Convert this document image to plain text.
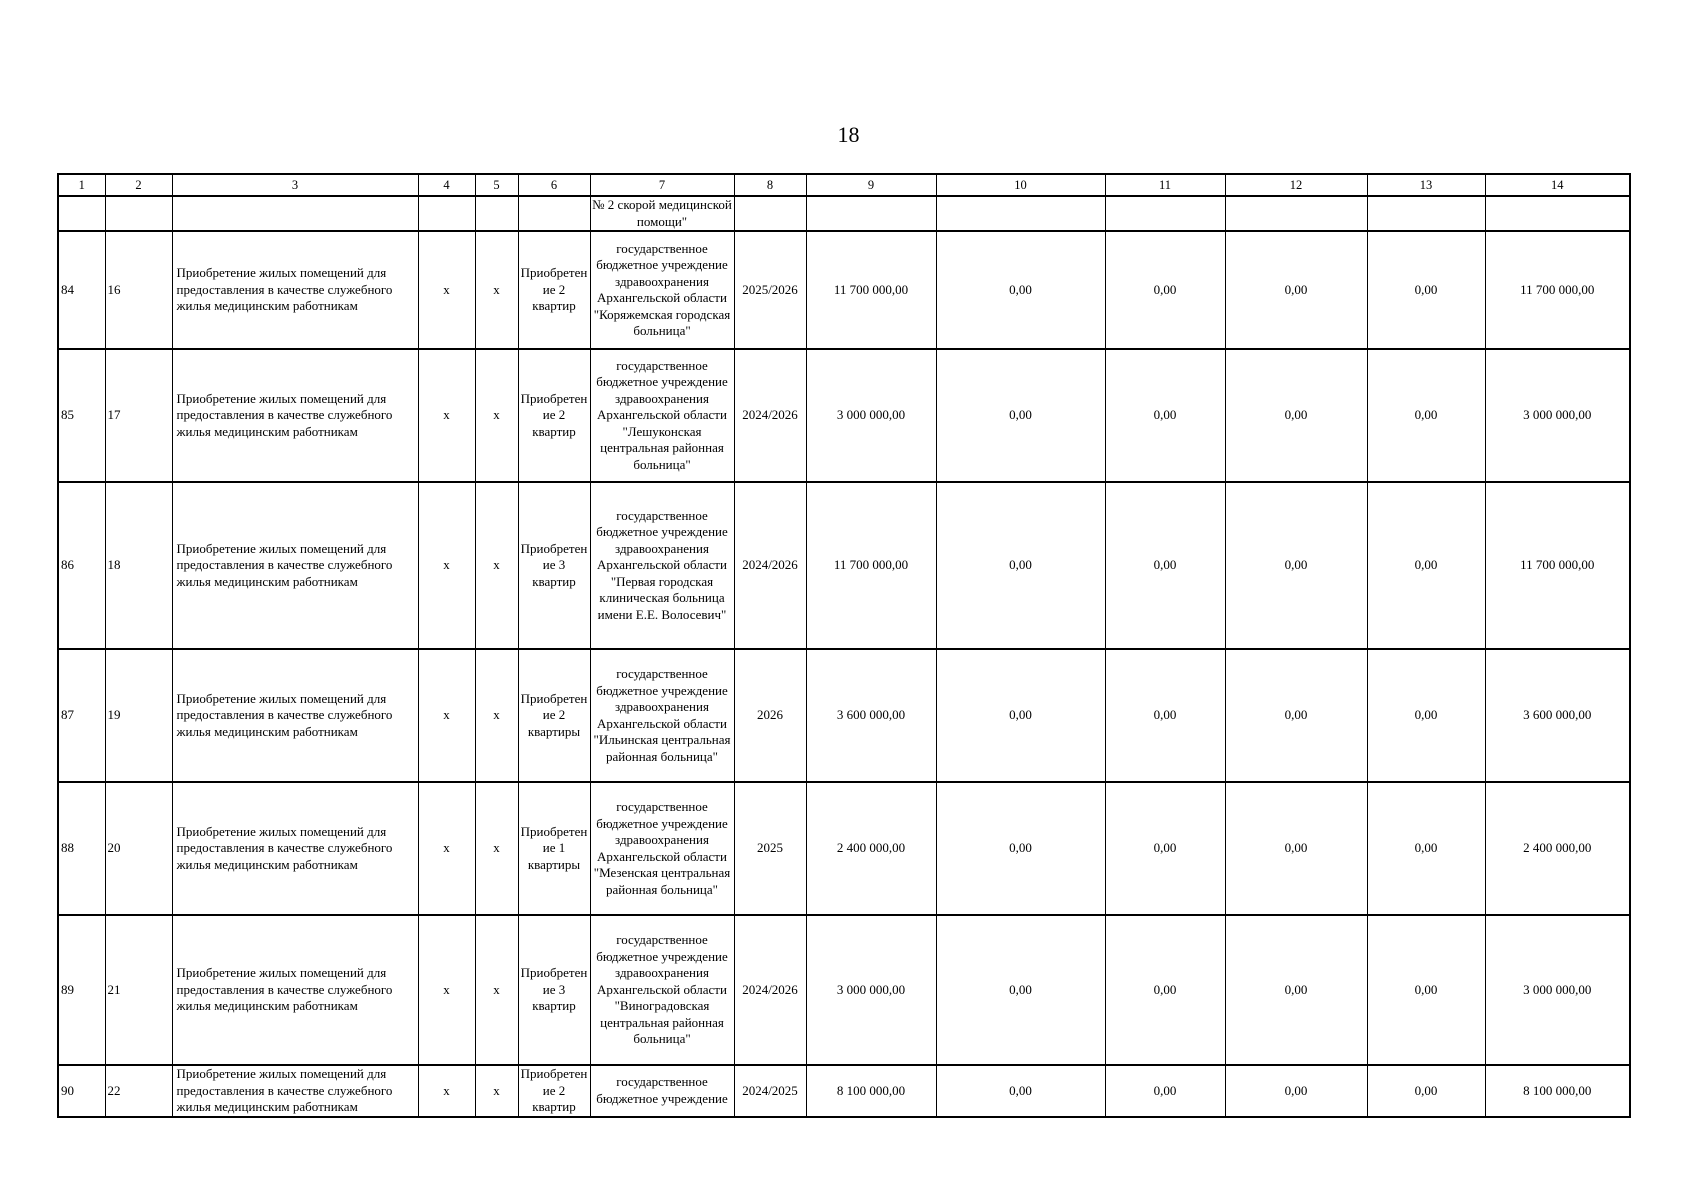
18
1	2	3	4	5	6	7	8	9	10	11	12	13	14
						№ 2 скорой медицинской помощи"							
84	16	Приобретение жилых помещений для предоставления в качестве служебного жилья медицинским работникам	x	x	Приобретение 2 квартир	государственное бюджетное учреждение здравоохранения Архангельской области "Коряжемская городская больница"	2025/2026	11 700 000,00	0,00	0,00	0,00	0,00	11 700 000,00
85	17	Приобретение жилых помещений для предоставления в качестве служебного жилья медицинским работникам	x	x	Приобретение 2 квартир	государственное бюджетное учреждение здравоохранения Архангельской области "Лешуконская центральная районная больница"	2024/2026	3 000 000,00	0,00	0,00	0,00	0,00	3 000 000,00
86	18	Приобретение жилых помещений для предоставления в качестве служебного жилья медицинским работникам	x	x	Приобретение 3 квартир	государственное бюджетное учреждение здравоохранения Архангельской области "Первая городская клиническая больница имени Е.Е. Волосевич"	2024/2026	11 700 000,00	0,00	0,00	0,00	0,00	11 700 000,00
87	19	Приобретение жилых помещений для предоставления в качестве служебного жилья медицинским работникам	x	x	Приобретение 2 квартиры	государственное бюджетное учреждение здравоохранения Архангельской области "Ильинская центральная районная больница"	2026	3 600 000,00	0,00	0,00	0,00	0,00	3 600 000,00
88	20	Приобретение жилых помещений для предоставления в качестве служебного жилья медицинским работникам	x	x	Приобретение 1 квартиры	государственное бюджетное учреждение здравоохранения Архангельской области "Мезенская центральная районная больница"	2025	2 400 000,00	0,00	0,00	0,00	0,00	2 400 000,00
89	21	Приобретение жилых помещений для предоставления в качестве служебного жилья медицинским работникам	x	x	Приобретение 3 квартир	государственное бюджетное учреждение здравоохранения Архангельской области "Виноградовская центральная районная больница"	2024/2026	3 000 000,00	0,00	0,00	0,00	0,00	3 000 000,00
90	22	Приобретение жилых помещений для предоставления в качестве служебного жилья медицинским работникам	x	x	Приобретение 2 квартир	государственное бюджетное учреждение	2024/2025	8 100 000,00	0,00	0,00	0,00	0,00	8 100 000,00
